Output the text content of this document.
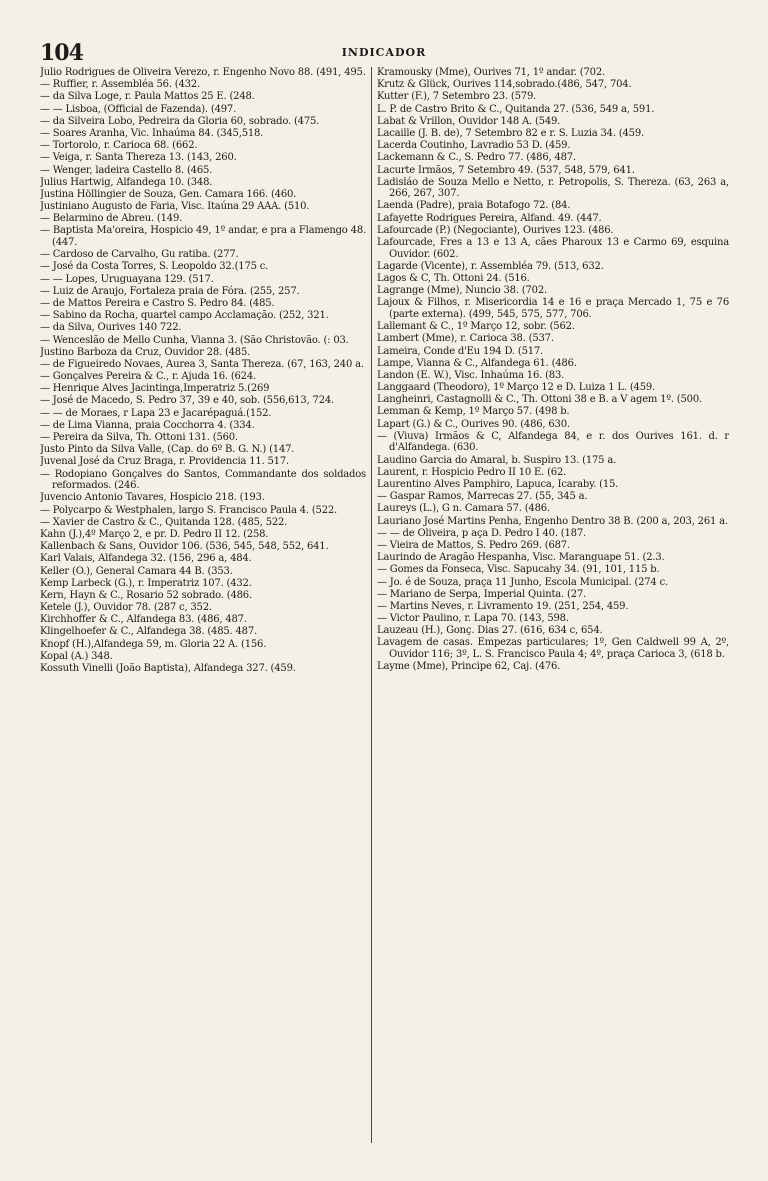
104	INDICADOR
Julio Rodrigues de Oliveira Verezo, r. Engenho Novo 88. (491, 495.
— Ruffier, r. Assembléa 56. (432.
— da Silva Loge, r. Paula Mattos 25 E. (248.
— — Lisboa, (Official de Fazenda). (497.
— da Silveira Lobo, Pedreira da Gloria 60, sobrado. (475.
— Soares Aranha, Vic. Inhaúma 84. (345,518.
— Tortorolo, r. Carioca 68. (662.
— Veiga, r. Santa Thereza 13. (143, 260.
— Wenger, ladeira Castello 8. (465.
Julius Hartwig, Alfandega 10. (348.
Justina Höllingier de Souza, Gen. Camara 166. (460.
Justiniano Augusto de Faria, Visc. Itaúna 29 AAA. (510.
— Belarmino de Abreu. (149.
— Baptista Ma'oreira, Hospicio 49, 1º andar, e pra a Flamengo 48. (447.
— Cardoso de Carvalho, Gu ratiba. (277.
— José da Costa Torres, S. Leopoldo 32.(175 c.
— — Lopes, Uruguayana 129. (517.
— Luiz de Araujo, Fortaleza praia de Fóra. (255, 257.
— de Mattos Pereira e Castro S. Pedro 84. (485.
— Sabino da Rocha, quartel campo Acclamação. (252, 321.
— da Silva, Ourives 140 722.
— Wenceslão de Mello Cunha, Vianna 3. (São Christovão. (: 03.
Justino Barboza da Cruz, Ouvidor 28. (485.
— de Figueiredo Novaes, Aurea 3, Santa Thereza. (67, 163, 240 a.
— Gonçalves Pereira & C., r. Ajuda 16. (624.
— Henrique Alves Jacintinga,Imperatriz 5.(269
— José de Macedo, S. Pedro 37, 39 e 40, sob. (556,613, 724.
— — de Moraes, r Lapa 23 e Jacarépaguá.(152.
— de Lima Vianna, praia Cocchorra 4. (334.
— Pereira da Silva, Th. Ottoni 131. (560.
Justo Pinto da Silva Valle, (Cap. do 6º B. G. N.) (147.
Juvenal José da Cruz Braga, r. Providencia 11. 517.
— Rodopiano Gonçalves do Santos, Commandante dos soldados reformados. (246.
Juvencio Antonio Tavares, Hospicio 218. (193.
— Polycarpo & Westphalen, largo S. Francisco Paula 4. (522.
— Xavier de Castro & C., Quitanda 128. (485, 522.
Kahn (J.),4º Março 2, e pr. D. Pedro II 12. (258.
Kallenbach & Sans, Ouvidor 106. (536, 545, 548, 552, 641.
Karl Valais, Alfandega 32. (156, 296 a, 484.
Keller (O.), General Camara 44 B. (353.
Kemp Larbeck (G.), r. Imperatriz 107. (432.
Kern, Hayn & C., Rosario 52 sobrado. (486.
Ketele (J.), Ouvidor 78. (287 c, 352.
Kirchhoffer & C., Alfandega 83. (486, 487.
Klingelhoefer & C., Alfandega 38. (485. 487.
Knopf (H.),Alfandega 59, m. Gloria 22 A. (156.
Kopal (A.) 348.
Kossuth Vinelli (João Baptista), Alfandega 327. (459.
Kramousky (Mme), Ourives 71, 1º andar. (702.
Krutz & Glück, Ourives 114,sobrado.(486, 547, 704.
Kutter (F.), 7 Setembro 23. (579.
L. P. de Castro Brito & C., Quitanda 27. (536, 549 a, 591.
Labat & Vrillon, Ouvidor 148 A. (549.
Lacaille (J. B. de), 7 Setembro 82 e r. S. Luzia 34. (459.
Lacerda Coutinho, Lavradio 53 D. (459.
Lackemann & C., S. Pedro 77. (486, 487.
Lacurte Irmãos, 7 Setembro 49. (537, 548, 579, 641.
Ladisláo de Souza Mello e Netto, r. Petropolis, S. Thereza. (63, 263 a, 266, 267, 307.
Laenda (Padre), praia Botafogo 72. (84.
Lafayette Rodrigues Pereira, Alfand. 49. (447.
Lafourcade (P.) (Negociante), Ourives 123. (486.
Lafourcade, Fres a 13 e 13 A, cães Pharoux 13 e Carmo 69, esquina Ouvidor. (602.
Lagarde (Vicente), r. Assembléa 79. (513, 632.
Lagos & C, Th. Ottoni 24. (516.
Lagrange (Mme), Nuncio 38. (702.
Lajoux & Filhos, r. Misericordia 14 e 16 e praça Mercado 1, 75 e 76 (parte externa). (499, 545, 575, 577, 706.
Lallemant & C., 1º Março 12, sobr. (562.
Lambert (Mme), r. Carioca 38. (537.
Lameira, Conde d'Eu 194 D. (517.
Lampe, Vianna & C., Alfandega 61. (486.
Landon (E. W.), Visc. Inhaúma 16. (83.
Langgaard (Theodoro), 1º Março 12 e D. Luiza 1 L. (459.
Langheinri, Castagnolli & C., Th. Ottoni 38 e B. a V agem 1º. (500.
Lemman & Kemp, 1º Março 57. (498 b.
Lapart (G.) & C., Ourives 90. (486, 630.
— (Viuva) Irmãos & C, Alfandega 84, e r. dos Ourives 161. d. r d'Alfandega. (630.
Laudino Garcia do Amaral, b. Suspiro 13. (175 a.
Laurent, r. Hospicio Pedro II 10 E. (62.
Laurentino Alves Pamphiro, Lapuca, Icaraby. (15.
— Gaspar Ramos, Marrecas 27. (55, 345 a.
Laureys (L.), G n. Camara 57. (486.
Lauriano José Martins Penha, Engenho Dentro 38 B. (200 a, 203, 261 a.
— — de Oliveira, p aça D. Pedro I 40. (187.
— Vieira de Mattos, S. Pedro 269. (687.
Laurindo de Aragão Hespanha, Visc. Maranguape 51. (2.3.
— Gomes da Fonseca, Visc. Sapucahy 34. (91, 101, 115 b.
— Jo. é de Souza, praça 11 Junho, Escola Municipal. (274 c.
— Mariano de Serpa, Imperial Quinta. (27.
— Martins Neves, r. Livramento 19. (251, 254, 459.
— Victor Paulino, r. Lapa 70. (143, 598.
Lauzeau (H.), Gonç. Dias 27. (616, 634 c, 654.
Lavagem de casas. Empezas particulares; 1º, Gen Caldwell 99 A, 2º, Ouvidor 116; 3º, L. S. Francisco Paula 4; 4º, praça Carioca 3, (618 b.
Layme (Mme), Principe 62, Caj. (476.
